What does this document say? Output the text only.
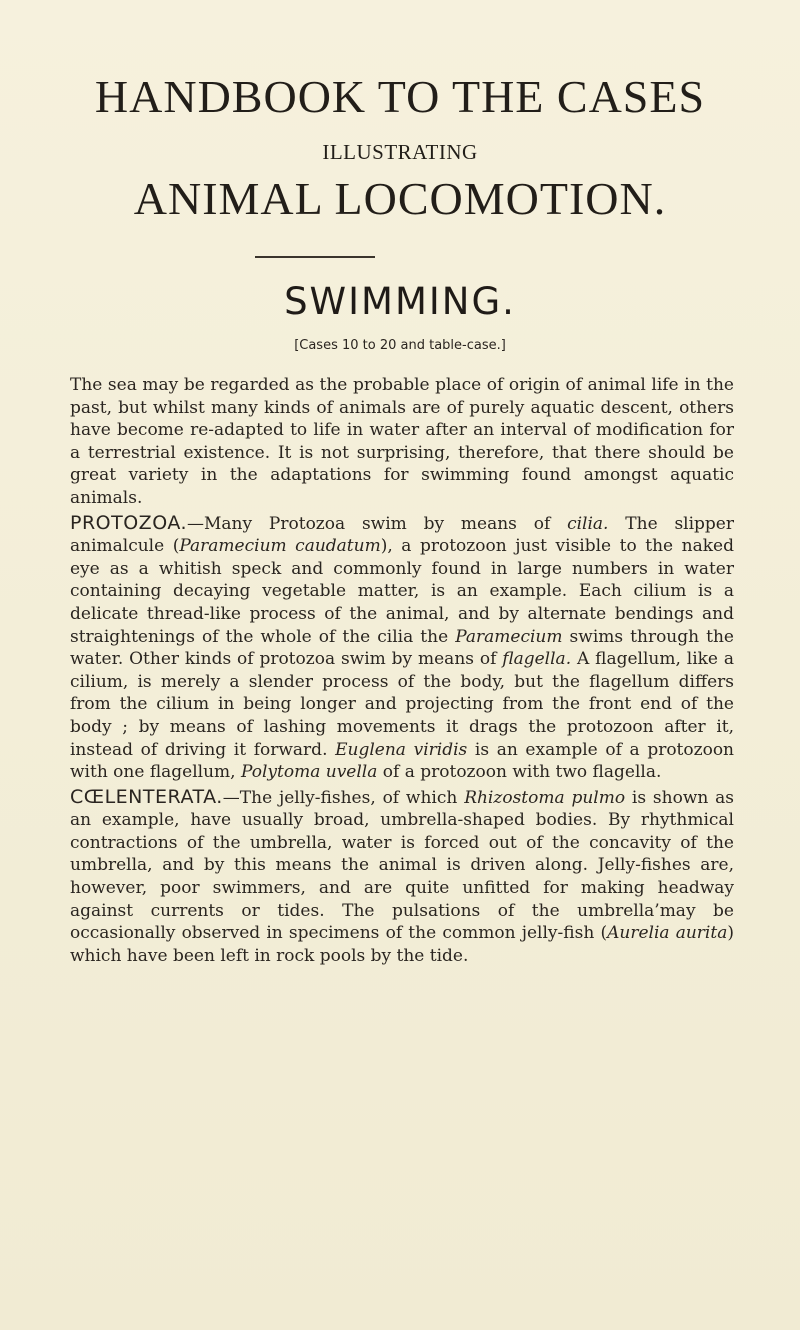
HANDBOOK TO THE CASES
ILLUSTRATING
ANIMAL LOCOMOTION.
SWIMMING.
[Cases 10 to 20 and table-case.]

The sea may be regarded as the probable place of origin of animal life in the past, but whilst many kinds of animals are of purely aquatic descent, others have become re-adapted to life in water after an interval of modification for a terrestrial existence. It is not surprising, therefore, that there should be great variety in the adaptations for swimming found amongst aquatic animals.

PROTOZOA.—Many Protozoa swim by means of cilia. The slipper animalcule (Paramecium caudatum), a protozoon just visible to the naked eye as a whitish speck and commonly found in large numbers in water containing decaying vegetable matter, is an example. Each cilium is a delicate thread-like process of the animal, and by alternate bendings and straightenings of the whole of the cilia the Paramecium swims through the water. Other kinds of protozoa swim by means of flagella. A flagellum, like a cilium, is merely a slender process of the body, but the flagellum differs from the cilium in being longer and projecting from the front end of the body ; by means of lashing movements it drags the protozoon after it, instead of driving it forward. Euglena viridis is an example of a protozoon with one flagellum, Polytoma uvella of a protozoon with two flagella.

CŒLENTERATA.—The jelly-fishes, of which Rhizostoma pulmo is shown as an example, have usually broad, umbrella-shaped bodies. By rhythmical contractions of the umbrella, water is forced out of the concavity of the umbrella, and by this means the animal is driven along. Jelly-fishes are, however, poor swimmers, and are quite unfitted for making headway against currents or tides. The pulsations of the umbrella’may be occasionally observed in specimens of the common jelly-fish (Aurelia aurita) which have been left in rock pools by the tide.
